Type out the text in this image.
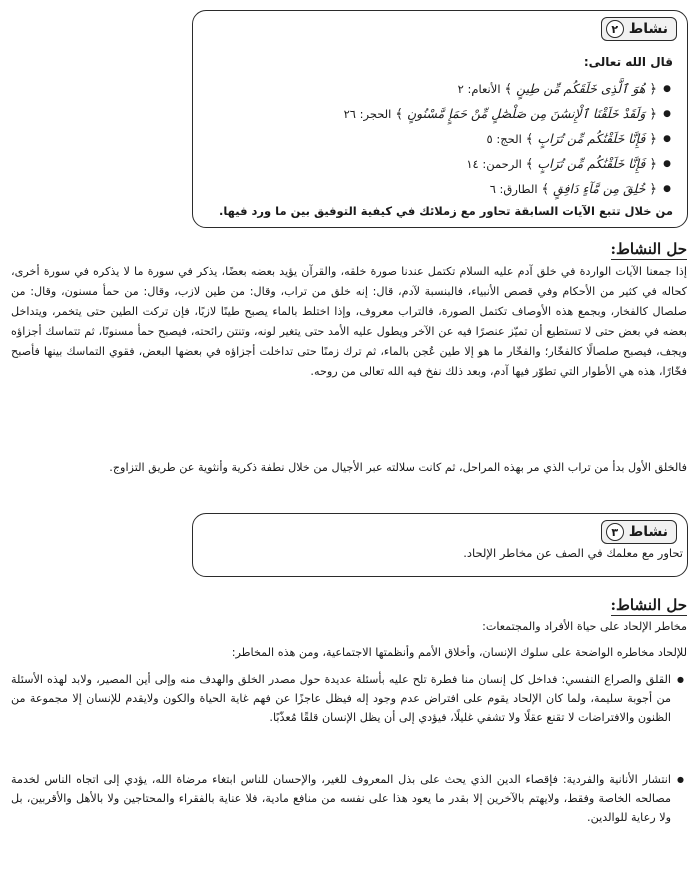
نشاط
٢
قال الله تعالى:
● ﴿ هُوَ ٱلَّذِى خَلَقَكُم مِّن طِينٍ ﴾ الأنعام: ٢
● ﴿ وَلَقَدْ خَلَقْنَا ٱلْإِنسَٰنَ مِن صَلْصَٰلٍ مِّنْ حَمَإٍ مَّسْنُونٍ ﴾ الحجر: ٢٦
● ﴿ فَإِنَّا خَلَقْنَٰكُم مِّن تُرَابٍ ﴾ الحج: ٥
● ﴿ فَإِنَّا خَلَقْنَٰكُم مِّن تُرَابٍ ﴾ الرحمن: ١٤
● ﴿ خُلِقَ مِن مَّآءٍ دَافِقٍ ﴾ الطارق: ٦
من خلال تتبع الآيات السابقة تحاور مع زملائك في كيفية التوفيق بين ما ورد فيها.
حل النشاط:

إذا جمعنا الآيات الواردة في خلق آدم عليه السلام تكتمل عندنا صورة خلقه، والقرآن يؤيد بعضه بعضًا، يذكر في سورة ما لا يذكره في سورة أخرى، كحاله في كثير من الأحكام وفي قصص الأنبياء، فالبنسبة لآدم، قال: إنه خلق من تراب، وقال: من طين لازب، وقال: من حمأ مسنون، وقال: من صلصال كالفخار، وبجمع هذه الأوصاف تكتمل الصورة، فالتراب معروف، وإذا اختلط بالماء يصبح طينًا لازبًا، فإن تركت الطين حتى يتخمر، ويتداخل بعضه في بعض حتى لا تستطيع أن تميّز عنصرًا فيه عن الآخر ويطول عليه الأمد حتى يتغير لونه، وتنتن رائحته، فيصبح حمأ مسنونًا، ثم تتماسك أجزاؤه ويجف، فيصبح صلصالًا كالفخّار؛ والفخّار ما هو إلا طين عُجن بالماء، ثم ترك زمنًا حتى تداخلت أجزاؤه في بعضها البعض، فقوي التماسك بينها فأصبح فخّارًا، هذه هي الأطوار التي تطوّر فيها آدم، وبعد ذلك نفخ فيه الله تعالى من روحه.

فالخلق الأول بدأ من تراب الذي مر بهذه المراحل، ثم كانت سلالته عبر الأجيال من خلال نطفة ذكرية وأنثوية عن طريق التزاوج.

نشاط
٣
تحاور مع معلمك في الصف عن مخاطر الإلحاد.
حل النشاط:
مخاطر الإلحاد على حياة الأفراد والمجتمعات:
للإلحاد مخاطره الواضحة على سلوك الإنسان، وأخلاق الأمم وأنظمتها الاجتماعية، ومن هذه المخاطر:
● القلق والصراع النفسي: فداخل كل إنسان منا فطرة تلح عليه بأسئلة عديدة حول مصدر الخلق والهدف منه وإلى أين المصير، ولابد لهذه الأسئلة من أجوبة سليمة، ولما كان الإلحاد يقوم على افتراض عدم وجود إله فيظل عاجزًا عن فهم غاية الحياة والكون ولايقدم للإنسان إلا مجموعة من الظنون والافتراضات لا تقنع عقلًا ولا تشفي غليلًا، فيؤدي إلى أن يظل الإنسان قلقًا مُعذّبًا.
● انتشار الأنانية والفردية: فإقصاء الدين الذي يحث على بذل المعروف للغير، والإحسان للناس ابتغاء مرضاة الله، يؤدي إلى اتجاه الناس لخدمة مصالحه الخاصة وفقط، ولايهتم بالآخرين إلا بقدر ما يعود هذا على نفسه من منافع مادية، فلا عناية بالفقراء والمحتاجين ولا بالأهل والأقربين، بل ولا رعاية للوالدين.
